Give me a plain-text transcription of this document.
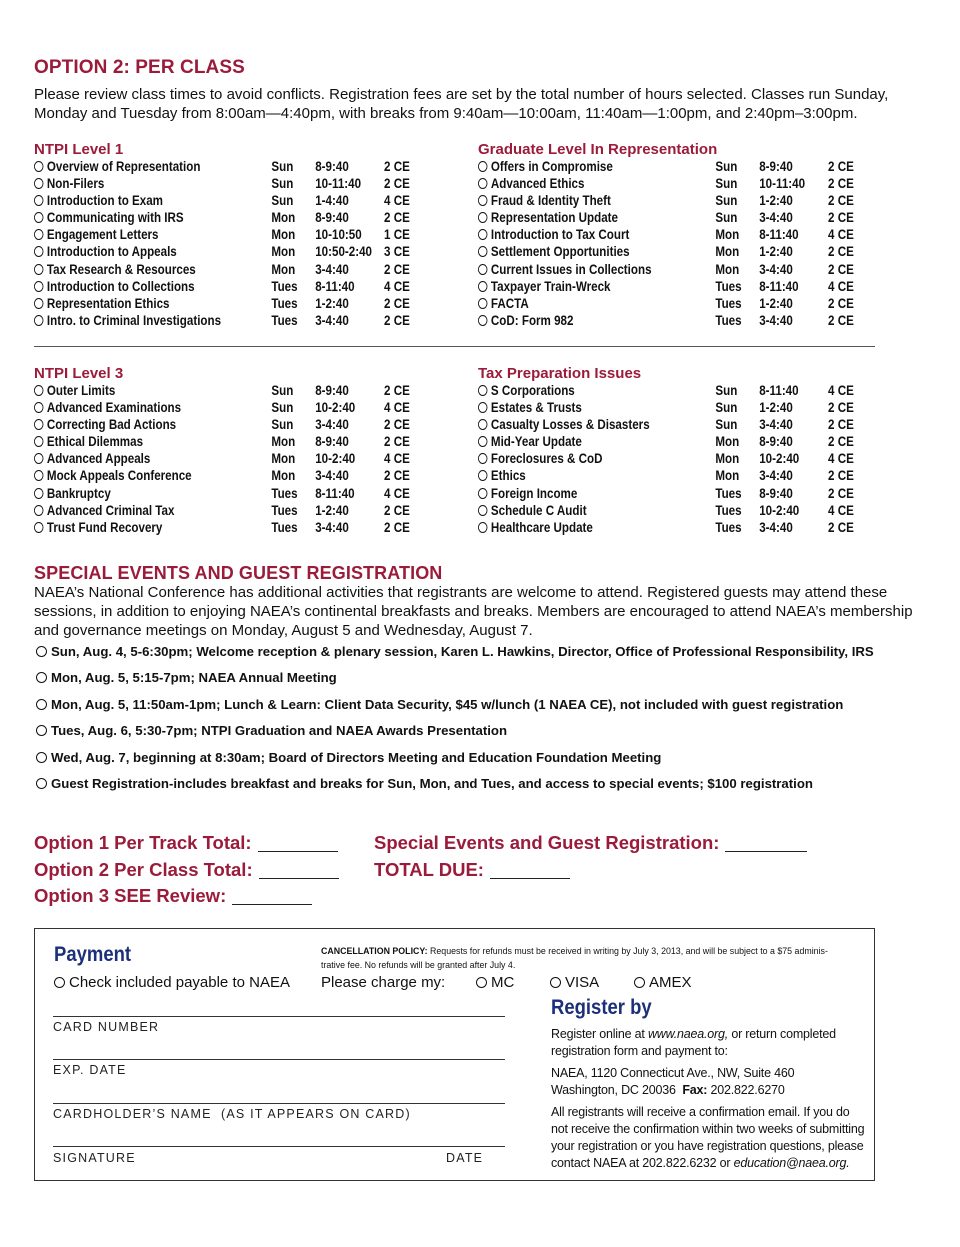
OPTION 2: PER CLASS
Please review class times to avoid conflicts. Registration fees are set by the total number of hours selected. Classes run Sunday,
Monday and Tuesday from 8:00am—4:40pm, with breaks from 9:40am—10:00am, 11:40am—1:00pm, and 2:40pm–3:00pm.
NTPI Level 1
Overview of Representation	Sun 8-9:40	2 CE
Non-Filers	Sun 10-11:40 2 CE
Introduction to Exam	Sun 1-4:40	4 CE
Communicating with IRS	Mon 8-9:40	2 CE
Engagement Letters	Mon 10-10:50 1 CE
Introduction to Appeals	Mon 10:50-2:40 3 CE
Tax Research & Resources	Mon 3-4:40	2 CE
Introduction to Collections	Tues 8-11:40 4 CE
Representation Ethics	Tues 1-2:40	2 CE
Intro. to Criminal Investigations	Tues 3-4:40	2 CE
Graduate Level In Representation
Offers in Compromise	Sun 8-9:40	2 CE
Advanced Ethics	Sun 10-11:40 2 CE
Fraud & Identity Theft	Sun 1-2:40	2 CE
Representation Update	Sun 3-4:40	2 CE
Introduction to Tax Court	Mon 8-11:40 4 CE
Settlement Opportunities	Mon 1-2:40	2 CE
Current Issues in Collections	Mon 3-4:40	2 CE
Taxpayer Train-Wreck	Tues 8-11:40 4 CE
FACTA	Tues 1-2:40	2 CE
CoD: Form 982	Tues 3-4:40	2 CE
NTPI Level 3
Outer Limits	Sun 8-9:40	2 CE
Advanced Examinations	Sun 10-2:40 4 CE
Correcting Bad Actions	Sun 3-4:40	2 CE
Ethical Dilemmas	Mon 8-9:40	2 CE
Advanced Appeals	Mon 10-2:40 4 CE
Mock Appeals Conference	Mon 3-4:40	2 CE
Bankruptcy	Tues 8-11:40 4 CE
Advanced Criminal Tax	Tues 1-2:40	2 CE
Trust Fund Recovery	Tues 3-4:40	2 CE
Tax Preparation Issues
S Corporations	Sun 8-11:40 4 CE
Estates & Trusts	Sun 1-2:40	2 CE
Casualty Losses & Disasters	Sun 3-4:40	2 CE
Mid-Year Update	Mon 8-9:40	2 CE
Foreclosures & CoD	Mon 10-2:40 4 CE
Ethics	Mon 3-4:40	2 CE
Foreign Income	Tues 8-9:40	2 CE
Schedule C Audit	Tues 10-2:40 4 CE
Healthcare Update	Tues 3-4:40	2 CE
SPECIAL EVENTS AND GUEST REGISTRATION
NAEA’s National Conference has additional activities that registrants are welcome to attend. Registered guests may attend these
sessions, in addition to enjoying NAEA’s continental breakfasts and breaks. Members are encouraged to attend NAEA’s membership
and governance meetings on Monday, August 5 and Wednesday, August 7.
Sun, Aug. 4, 5-6:30pm; Welcome reception & plenary session, Karen L. Hawkins, Director, Office of Professional Responsibility, IRS
Mon, Aug. 5, 5:15-7pm; NAEA Annual Meeting
Mon, Aug. 5, 11:50am-1pm; Lunch & Learn: Client Data Security, $45 w/lunch (1 NAEA CE), not included with guest registration
Tues, Aug. 6, 5:30-7pm; NTPI Graduation and NAEA Awards Presentation
Wed, Aug. 7, beginning at 8:30am; Board of Directors Meeting and Education Foundation Meeting
Guest Registration-includes breakfast and breaks for Sun, Mon, and Tues, and access to special events; $100 registration
Option 1 Per Track Total:
Option 2 Per Class Total:
Option 3 SEE Review:
Special Events and Guest Registration:
TOTAL DUE:
Payment
Check included payable to NAEA
CANCELLATION POLICY: Requests for refunds must be received in writing by July 3, 2013, and will be subject to a $75 adminis-
trative fee. No refunds will be granted after July 4.
Please charge my:	MC	VISA	AMEX
CARD NUMBER
EXP. DATE
CARDHOLDER’S NAME  (AS IT APPEARS ON CARD)
SIGNATURE	DATE
Register by
Register online at www.naea.org, or return completed
registration form and payment to:
NAEA, 1120 Connecticut Ave., NW, Suite 460
Washington, DC 20036  Fax: 202.822.6270
All registrants will receive a confirmation email. If you do
not receive the confirmation within two weeks of submitting
your registration or you have registration questions, please
contact NAEA at 202.822.6232 or education@naea.org.
